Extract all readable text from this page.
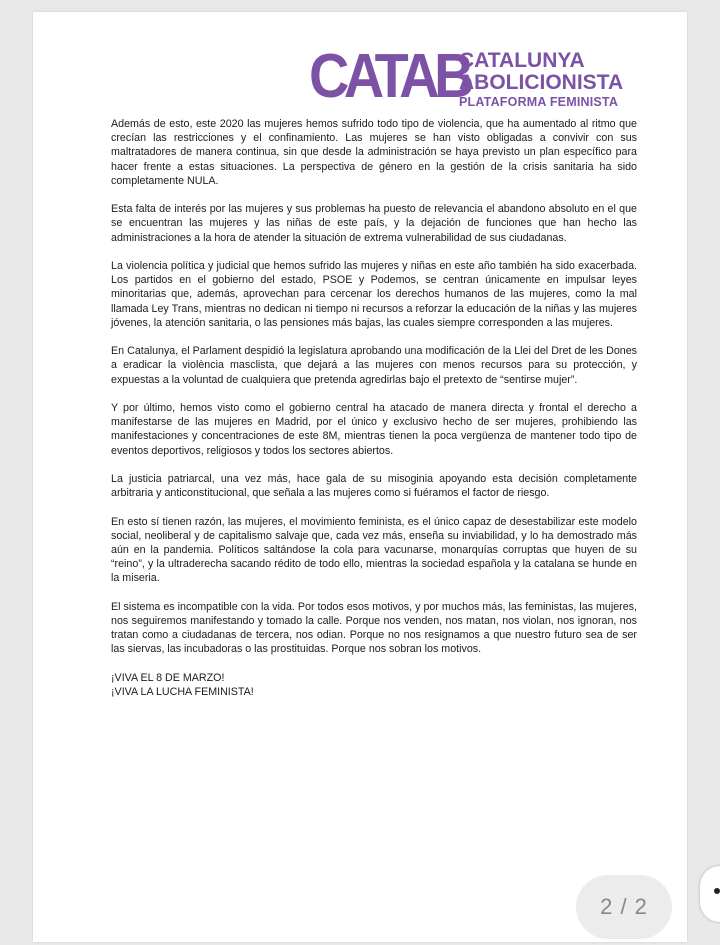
CATAB
CATALUNYA
ABOLICIONISTA
PLATAFORMA FEMINISTA

Además de esto, este 2020 las mujeres hemos sufrido todo tipo de violencia, que ha aumentado al ritmo que crecían las restricciones y el confinamiento. Las mujeres se han visto obligadas a convivir con sus maltratadores de manera continua, sin que desde la administración se haya previsto un plan específico para hacer frente a estas situaciones. La perspectiva de género en la gestión de la crisis sanitaria ha sido completamente NULA.

Esta falta de interés por las mujeres y sus problemas ha puesto de relevancia el abandono absoluto en el que se encuentran las mujeres y las niñas de este país, y la dejación de funciones que han hecho las administraciones a la hora de atender la situación de extrema vulnerabilidad de sus ciudadanas.

La violencia política y judicial que hemos sufrido las mujeres y niñas en este año también ha sido exacerbada. Los partidos en el gobierno del estado, PSOE y Podemos, se centran únicamente en impulsar leyes minoritarias que, además, aprovechan para cercenar los derechos humanos de las mujeres, como la mal llamada Ley Trans, mientras no dedican ni tiempo ni recursos a reforzar la educación de la niñas y las mujeres jóvenes, la atención sanitaria, o las pensiones más bajas, las cuales siempre corresponden a las mujeres.

En Catalunya, el Parlament despidió la legislatura aprobando una modificación de la Llei del Dret de les Dones a eradicar la violència masclista, que dejará a las mujeres con menos recursos para su protección, y expuestas a la voluntad de cualquiera que pretenda agredirlas bajo el pretexto de “sentirse mujer”.

Y por último, hemos visto como el gobierno central ha atacado de manera directa y frontal el derecho a manifestarse de las mujeres en Madrid, por el único y exclusivo hecho de ser mujeres, prohibiendo las manifestaciones y concentraciones de este 8M, mientras tienen la poca vergüenza de mantener todo tipo de eventos deportivos, religiosos y todos los sectores abiertos.

La justicia patriarcal, una vez más, hace gala de su misoginia apoyando esta decisión completamente arbitraria y anticonstitucional, que señala a las mujeres como si fuéramos el factor de riesgo.

En esto sí tienen razón, las mujeres, el movimiento feminista, es el único capaz de desestabilizar este modelo social, neoliberal y de capitalismo salvaje que, cada vez más, enseña su inviabilidad, y lo ha demostrado más aún en la pandemia. Políticos saltándose la cola para vacunarse, monarquías corruptas que huyen de su “reino”, y la ultraderecha sacando rédito de todo ello, mientras la sociedad española y la catalana se hunde en la miseria.

El sistema es incompatible con la vida. Por todos esos motivos, y por muchos más, las feministas, las mujeres, nos seguiremos manifestando y tomado la calle. Porque nos venden, nos matan, nos violan, nos ignoran, nos tratan como a ciudadanas de tercera, nos odian. Porque no nos resignamos a que nuestro futuro sea de ser las siervas, las incubadoras o las prostituidas. Porque nos sobran los motivos.

¡VIVA EL 8 DE MARZO!

¡VIVA LA LUCHA FEMINISTA!

2 / 2
